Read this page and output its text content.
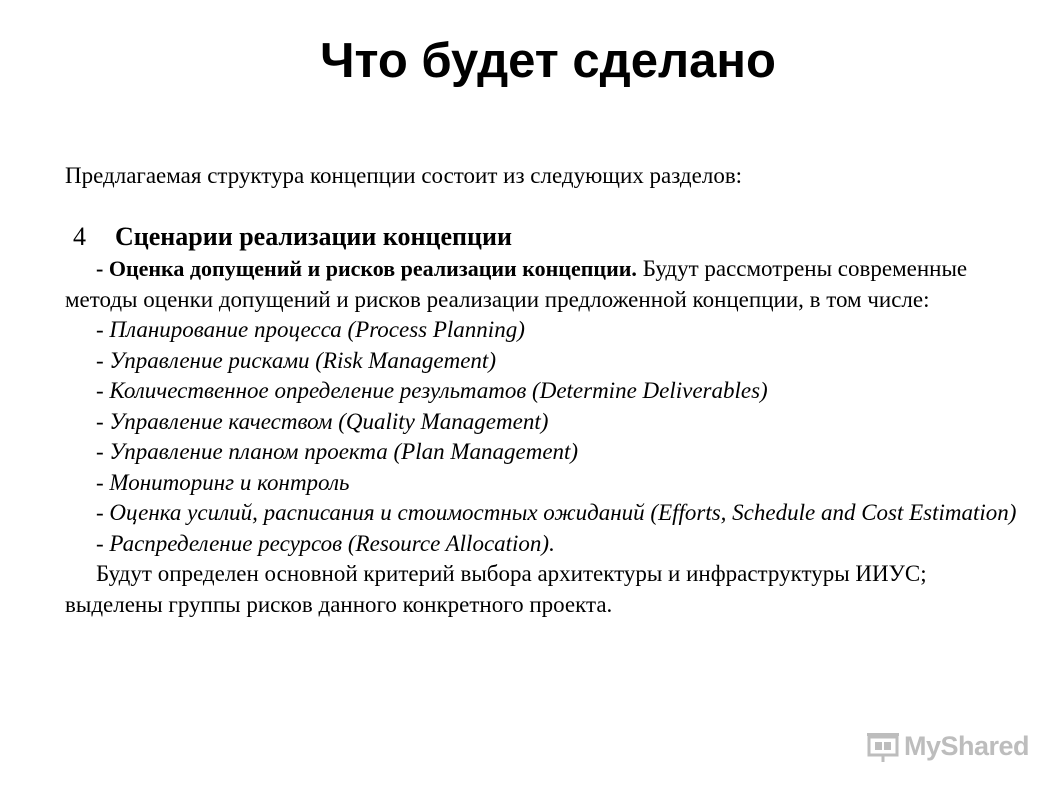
Что будет сделано

Предлагаемая структура концепции состоит из следующих разделов:

4 Сценарии реализации концепции

- Оценка допущений и рисков реализации концепции. Будут рассмотрены современные методы оценки допущений и рисков реализации предложенной концепции, в том числе:

- Планирование процесса (Process Planning)
- Управление рисками (Risk Management)
- Количественное определение результатов (Determine Deliverables)
- Управление качеством (Quality Management)
- Управление планом проекта (Plan Management)
- Мониторинг и контроль
- Оценка усилий, расписания и стоимостных ожиданий (Efforts, Schedule and Cost Estimation)
- Распределение ресурсов (Resource Allocation).

Будут определен основной критерий выбора архитектуры и инфраструктуры ИИУС; выделены группы рисков данного конкретного проекта.

MyShared
